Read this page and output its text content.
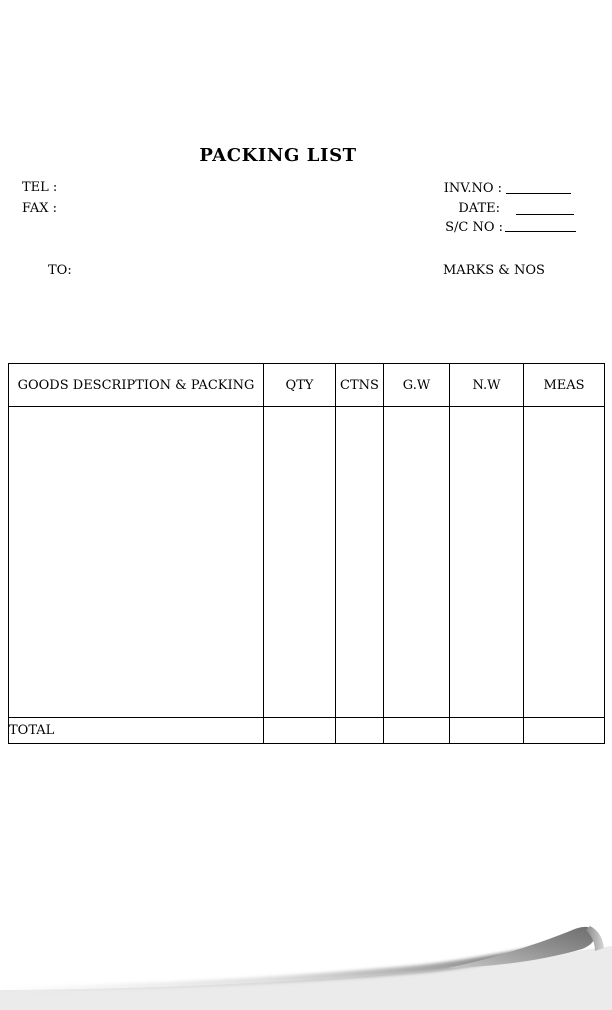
PACKING LIST
TEL :
FAX :
INV.NO :
DATE:
S/C NO :
TO:	MARKS & NOS
GOODS DESCRIPTION & PACKING	QTY	CTNS	G.W	N.W	MEAS

TOTAL					
